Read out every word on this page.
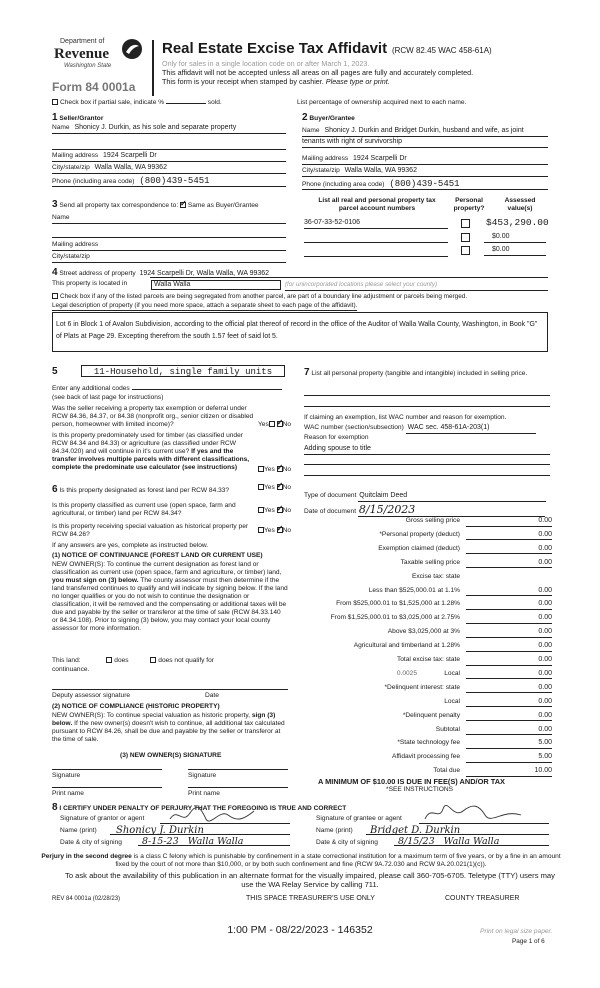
Department of
Revenue
Washington State
Form 84 0001a
Real Estate Excise Tax Affidavit (RCW 82.45 WAC 458-61A)
Only for sales in a single location code on or after March 1, 2023.
This affidavit will not be accepted unless all areas on all pages are fully and accurately completed.
This form is your receipt when stamped by cashier. Please type or print.
Check box if partial sale, indicate %	sold.	List percentage of ownership acquired next to each name.
1 Seller/Grantor
Name Shonicy J. Durkin, as his sole and separate property
Mailing address 1924 Scarpelli Dr
City/state/zip Walla Walla, WA 99362
Phone (including area code) (800)439-5451
2 Buyer/Grantee
Name Shonicy J. Durkin and Bridget Durkin, husband and wife, as joint
tenants with right of survivorship
Mailing address 1924 Scarpelli Dr
City/state/zip Walla Walla, WA 99362
Phone (including area code) (800)439-5451
3 Send all property tax correspondence to: ✓ Same as Buyer/Grantee
Name
Mailing address
City/state/zip
List all real and personal property tax parcel account numbers
Personal property?
Assessed value(s)
36-07-33-52-0106	$453,290.00
$0.00
$0.00
4 Street address of property 1924 Scarpelli Dr, Walla Walla, WA 99362
This property is located in	Walla Walla	(for unincorporated locations please select your county)
Check box if any of the listed parcels are being segregated from another parcel, are part of a boundary line adjustment or parcels being merged.
Legal description of property (if you need more space, attach a separate sheet to each page of the affidavit).
Lot 6 in Block 1 of Avalon Subdivision, according to the official plat thereof of record in the office of the Auditor of Walla Walla County, Washington, in Book "G" of Plats at Page 29. Excepting therefrom the south 1.57 feet of said lot 5.
5	11-Household, single family units
Enter any additional codes
(see back of last page for instructions)
Was the seller receiving a property tax exemption or deferral under RCW 84.36, 84.37, or 84.38 (nonprofit org., senior citizen or disabled person, homeowner with limited income)?	Yes ✓ No
Is this property predominately used for timber (as classified under RCW 84.34 and 84.33) or agriculture (as classified under RCW 84.34.020) and will continue in it's current use? If yes and the transfer involves multiple parcels with different classifications, complete the predominate use calculator (see instructions)	Yes ✓ No
7 List all personal property (tangible and intangible) included in selling price.
If claiming an exemption, list WAC number and reason for exemption.
WAC number (section/subsection) WAC sec. 458-61A-203(1)
Reason for exemption
Adding spouse to title
6 Is this property designated as forest land per RCW 84.33?	Yes ✓ No
Is this property classified as current use (open space, farm and agricultural, or timber) land per RCW 84.34?	Yes ✓ No
Is this property receiving special valuation as historical property per RCW 84.26?
Yes ✓ No
If any answers are yes, complete as instructed below.
(1) NOTICE OF CONTINUANCE (FOREST LAND OR CURRENT USE)
NEW OWNER(S): To continue the current designation as forest land or classification as current use (open space, farm and agriculture, or timber) land, you must sign on (3) below. The county assessor must then determine if the land transferred continues to qualify and will indicate by signing below. If the land no longer qualifies or you do not wish to continue the designation or classification, it will be removed and the compensating or additional taxes will be due and payable by the seller or transferor at the time of sale (RCW 84.33.140 or 84.34.108). Prior to signing (3) below, you may contact your local county assessor for more information.
This land:	does	does not qualify for
continuance.
Deputy assessor signature	Date
(2) NOTICE OF COMPLIANCE (HISTORIC PROPERTY)
NEW OWNER(S): To continue special valuation as historic property, sign (3) below. If the new owner(s) doesn't wish to continue, all additional tax calculated pursuant to RCW 84.26, shall be due and payable by the seller or transferor at the time of sale.
(3) NEW OWNER(S) SIGNATURE
Signature	Signature
Print name	Print name
Type of document Quitclaim Deed
Date of document 8/15/2023
Gross selling price	0.00
*Personal property (deduct)	0.00
Exemption claimed (deduct)	0.00
Taxable selling price	0.00
Excise tax: state
Less than $525,000.01 at 1.1%	0.00
From $525,000.01 to $1,525,000 at 1.28%	0.00
From $1,525,000.01 to $3,025,000 at 2.75%	0.00
Above $3,025,000 at 3%	0.00
Agricultural and timberland at 1.28%	0.00
Total excise tax: state	0.00
Local
0.0025	0.00
*Delinquent interest: state	0.00
Local	0.00
*Delinquent penalty	0.00
Subtotal	0.00
*State technology fee	5.00
Affidavit processing fee	5.00
Total due	10.00
A MINIMUM OF $10.00 IS DUE IN FEE(S) AND/OR TAX
*SEE INSTRUCTIONS
8 I CERTIFY UNDER PENALTY OF PERJURY THAT THE FOREGOING IS TRUE AND CORRECT
Signature of grantor or agent
Name (print)	Shonicy J. Durkin
Date & city of signing	8-15-23   Walla Walla
Signature of grantee or agent
Name (print)	Bridget D. Durkin
Date & city of signing	8/15/23   Walla Walla
Perjury in the second degree is a class C felony which is punishable by confinement in a state correctional institution for a maximum term of five years, or by a fine in an amount fixed by the court of not more than $10,000, or by both such confinement and fine (RCW 9A.72.030 and RCW 9A.20.021(1)(c)).
To ask about the availability of this publication in an alternate format for the visually impaired, please call 360-705-6705. Teletype (TTY) users may use the WA Relay Service by calling 711.
REV 84 0001a (02/28/23)	THIS SPACE TREASURER'S USE ONLY	COUNTY TREASURER
1:00 PM - 08/22/2023 - 146352	Print on legal size paper.
Page 1 of 6
